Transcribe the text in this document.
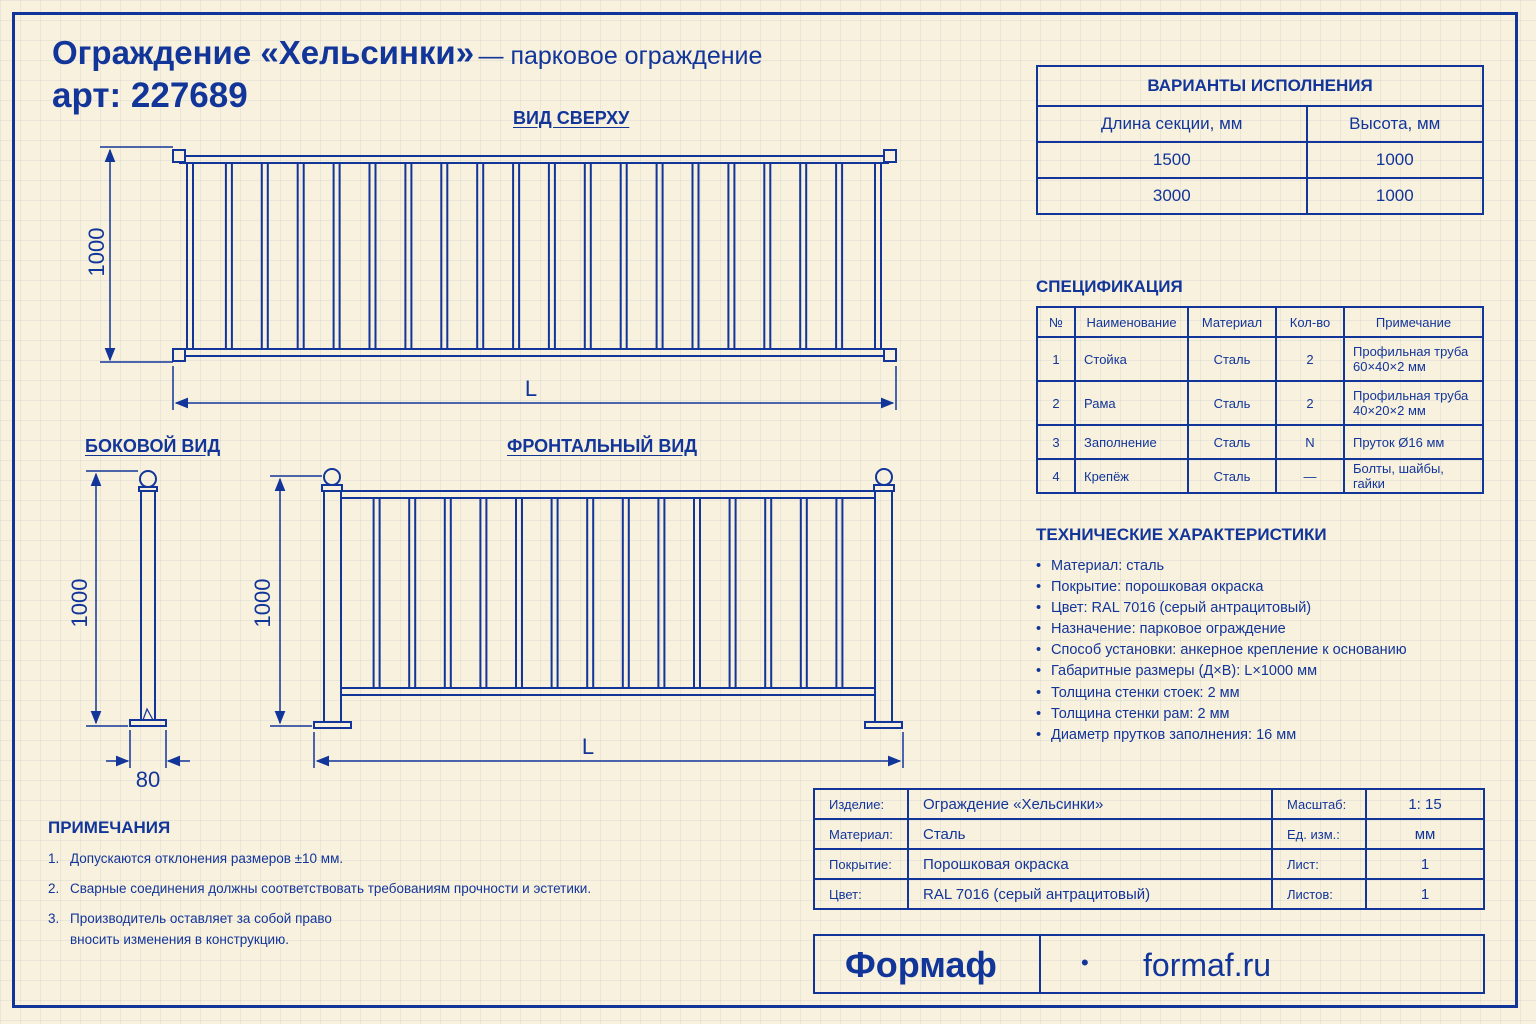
Ограждение «Хельсинки» — парковое ограждение
арт: 227689
ВИД СВЕРХУ
БОКОВОЙ ВИД	ФРОНТАЛЬНЫЙ ВИД
1000
L
1000
80
1000
L
ВАРИАНТЫ ИСПОЛНЕНИЯ	
Длина секции, мм	Высота, мм
1500	1000
3000	1000
СПЕЦИФИКАЦИЯ
№	Наименование	Материал	Кол-во	Примечание
1	Стойка	Сталь	2	Профильная труба
60×40×2 мм
2	Рама	Сталь	2	Профильная труба
40×20×2 мм
3	Заполнение	Сталь	N	Пруток Ø16 мм
4	Крепёж	Сталь	—	Болты, шайбы, гайки
ТЕХНИЧЕСКИЕ ХАРАКТЕРИСТИКИ
• Материал: сталь
• Покрытие: порошковая окраска
• Цвет: RAL 7016 (серый антрацитовый)
• Назначение: парковое ограждение
• Способ установки: анкерное крепление к основанию
• Габаритные размеры (Д×В): L×1000 мм
• Толщина стенки стоек: 2 мм
• Толщина стенки рам: 2 мм
• Диаметр прутков заполнения: 16 мм
ПРИМЕЧАНИЯ
1. Допускаются отклонения размеров ±10 мм.
2. Сварные соединения должны соответствовать требованиям прочности и эстетики.
3. Производитель оставляет за собой право
вносить изменения в конструкцию.
Изделие:	Ограждение «Хельсинки»	Масштаб:	1: 15
Материал:	Сталь	Ед. изм.:	мм
Покрытие:	Порошковая окраска	Лист:	1
Цвет:	RAL 7016 (серый антрацитовый)	Листов:	1
Формаф	• formaf.ru
